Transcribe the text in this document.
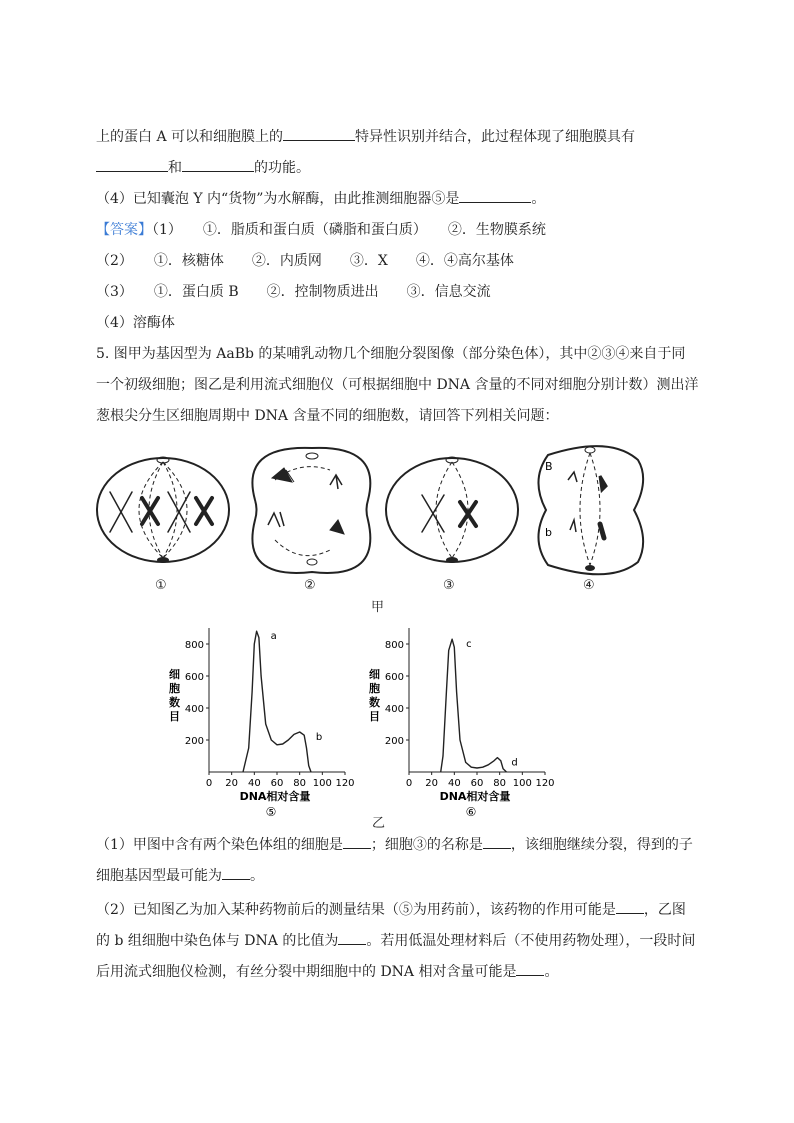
上的蛋白 A 可以和细胞膜上的	特异性识别并结合，此过程体现了细胞膜具有
和	的功能。
（4）已知囊泡 Y 内“货物”为水解酶，由此推测细胞器⑤是	。
【答案】（1）　　①．脂质和蛋白质（磷脂和蛋白质）　　②．生物膜系统
（2）　　①．核糖体　　②．内质网　　③．X　　④．④高尔基体
（3）　　①．蛋白质 B　　②．控制物质进出　　③．信息交流
（4）溶酶体
5. 图甲为基因型为 AaBb 的某哺乳动物几个细胞分裂图像（部分染色体），其中②③④来自于同
一个初级细胞；图乙是利用流式细胞仪（可根据细胞中 DNA 含量的不同对细胞分别计数）测出洋
葱根尖分生区细胞周期中 DNA 含量不同的细胞数，请回答下列相关问题：
B
b
①	②	③	④
甲
0 20 40 60 80 100 120
200
400
600
800
细
胞
数
目
DNA相对含量
⑤
a
b
0 20 40 60 80 100 120
200
400
600
800
细
胞
数
目
DNA相对含量
⑥
c
d
乙
（1）甲图中含有两个染色体组的细胞是 ；细胞③的名称是 ，该细胞继续分裂，得到的子
细胞基因型最可能为 。
（2）已知图乙为加入某种药物前后的测量结果（⑤为用药前），该药物的作用可能是 ，乙图
的 b 组细胞中染色体与 DNA 的比值为 。若用低温处理材料后（不使用药物处理），一段时间
后用流式细胞仪检测，有丝分裂中期细胞中的 DNA 相对含量可能是 。
